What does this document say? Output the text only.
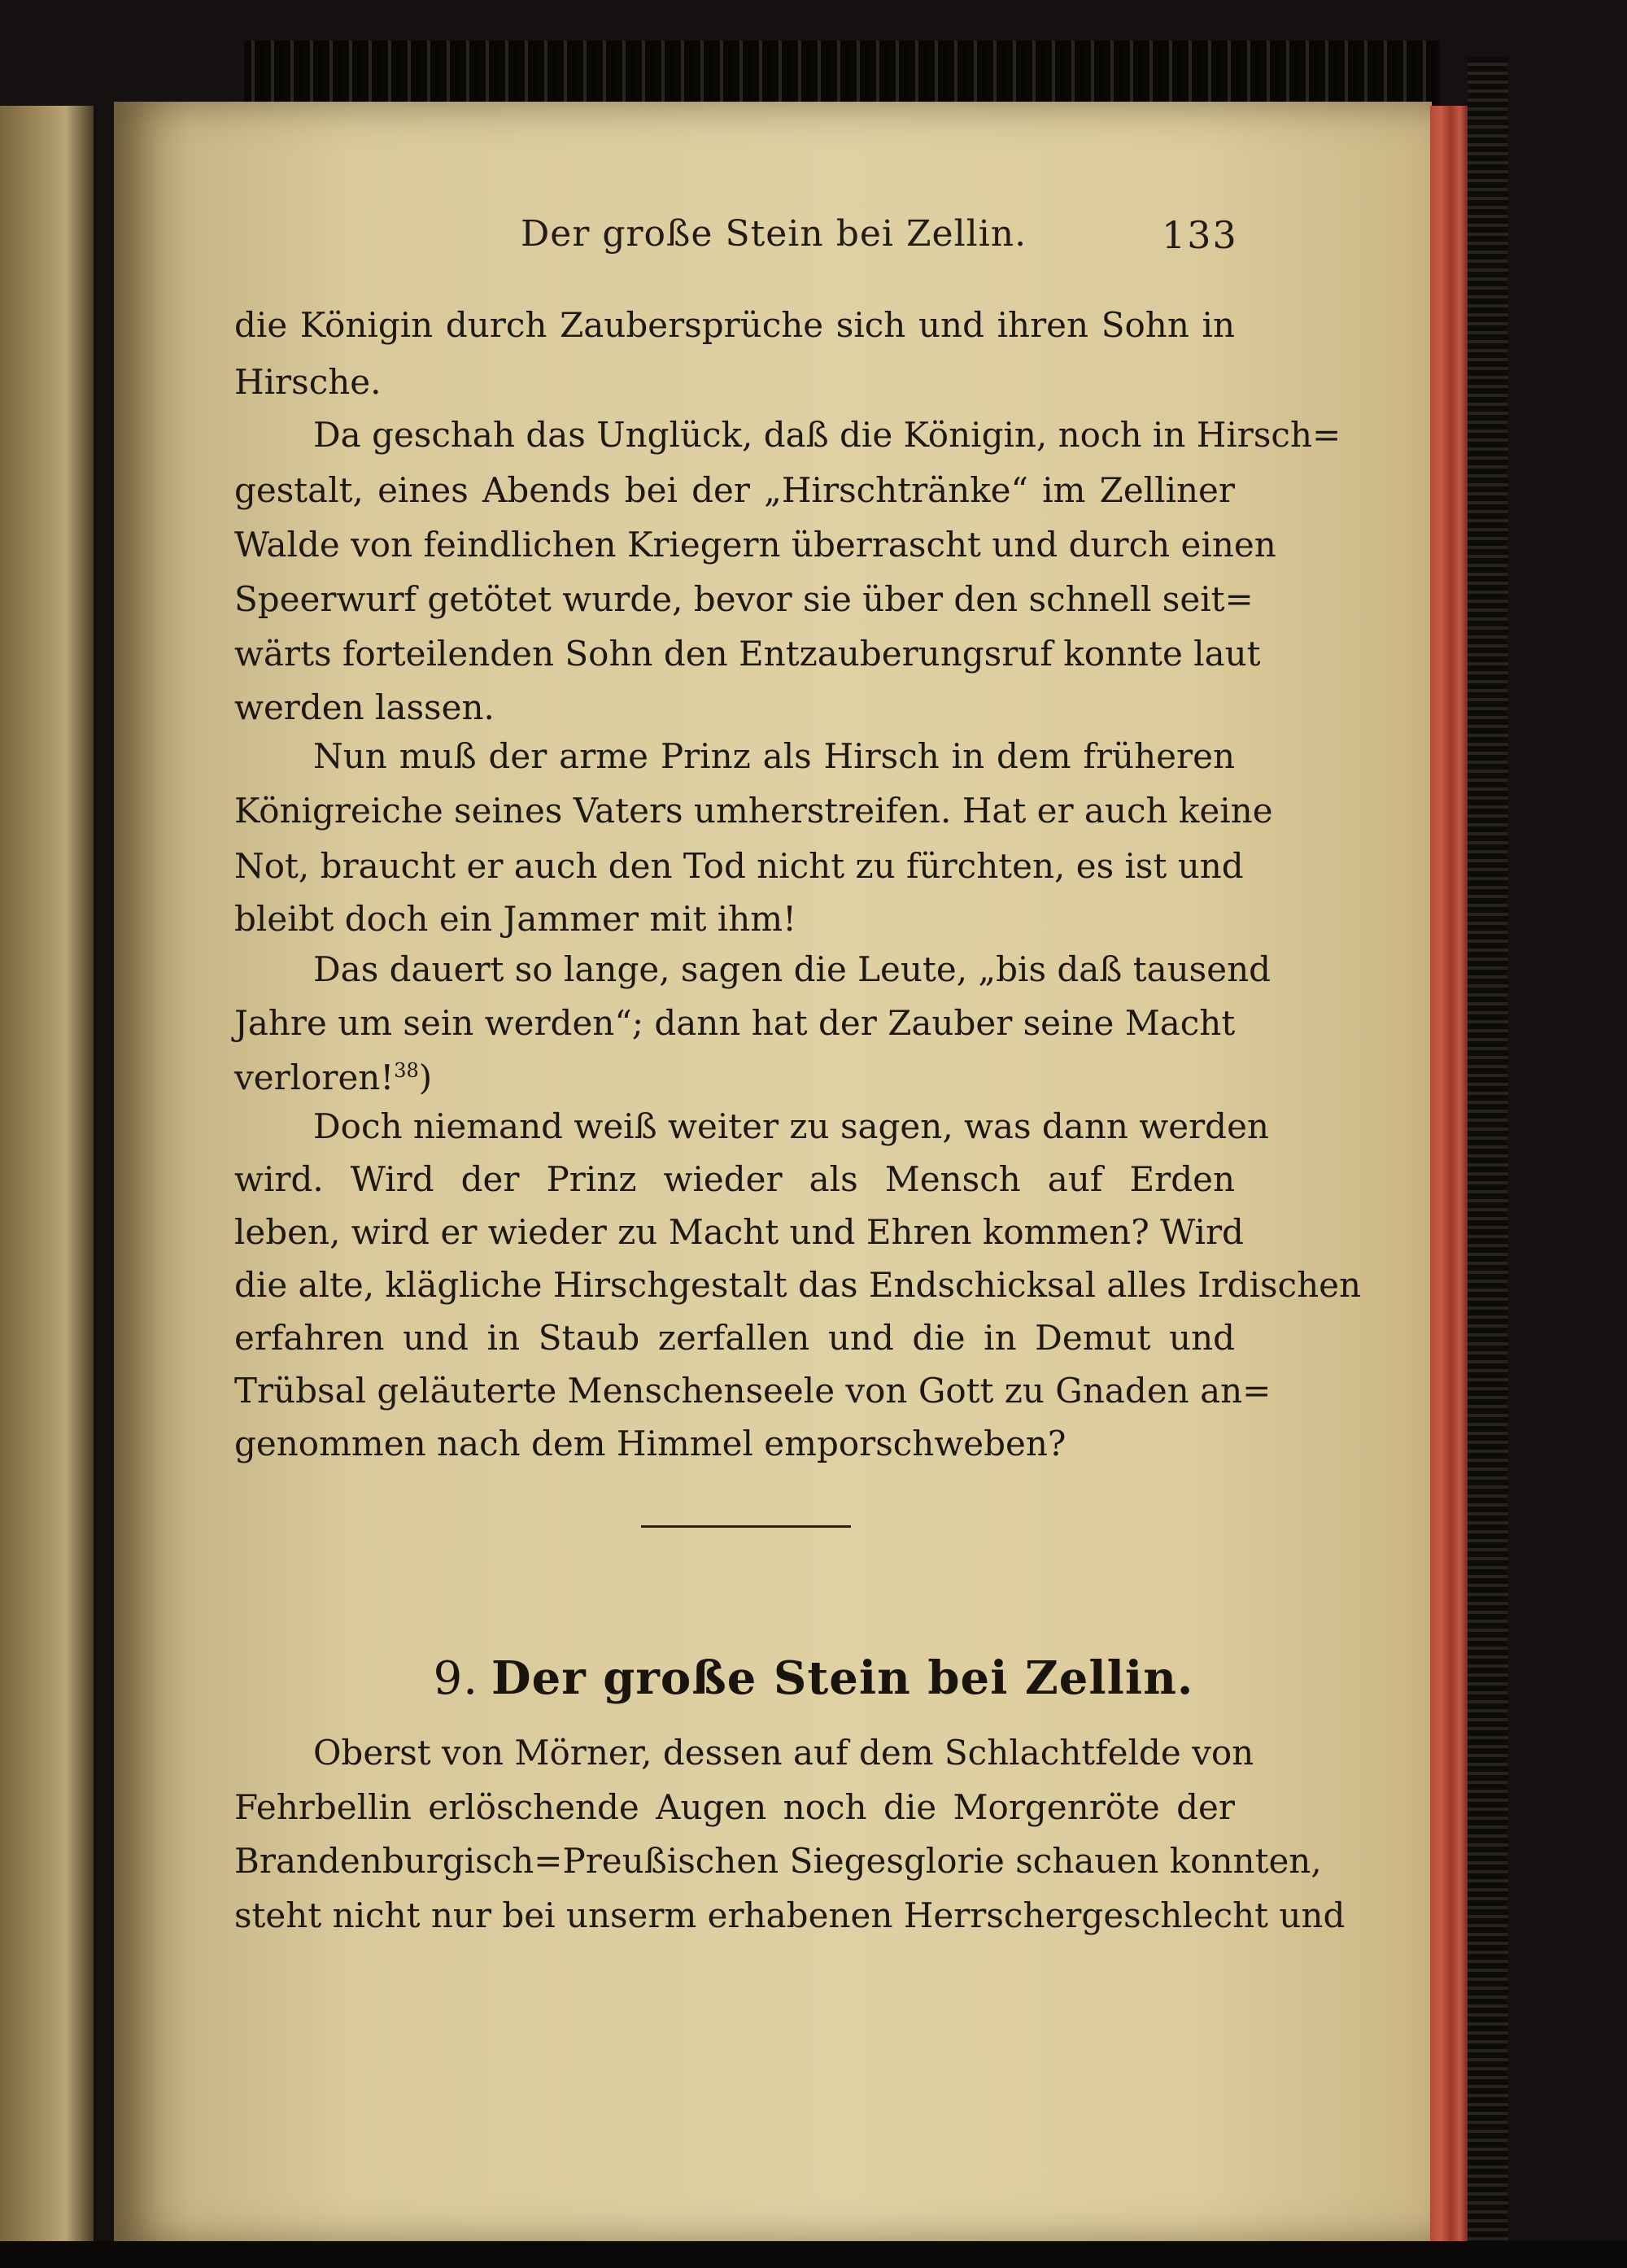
Der große Stein bei Zellin.	133
die Königin durch Zaubersprüche sich und ihren Sohn in
Hirsche.
Da geschah das Unglück, daß die Königin, noch in Hirsch=
gestalt, eines Abends bei der „Hirschtränke“ im Zelliner
Walde von feindlichen Kriegern überrascht und durch einen
Speerwurf getötet wurde, bevor sie über den schnell seit=
wärts forteilenden Sohn den Entzauberungsruf konnte laut
werden lassen.
Nun muß der arme Prinz als Hirsch in dem früheren
Königreiche seines Vaters umherstreifen. Hat er auch keine
Not, braucht er auch den Tod nicht zu fürchten, es ist und
bleibt doch ein Jammer mit ihm!
Das dauert so lange, sagen die Leute, „bis daß tausend
Jahre um sein werden“; dann hat der Zauber seine Macht
verloren!$^{38}$)
Doch niemand weiß weiter zu sagen, was dann werden
wird. Wird der Prinz wieder als Mensch auf Erden
leben, wird er wieder zu Macht und Ehren kommen? Wird
die alte, klägliche Hirschgestalt das Endschicksal alles Irdischen
erfahren und in Staub zerfallen und die in Demut und
Trübsal geläuterte Menschenseele von Gott zu Gnaden an=
genommen nach dem Himmel emporschweben?
9. Der große Stein bei Zellin.
Oberst von Mörner, dessen auf dem Schlachtfelde von
Fehrbellin erlöschende Augen noch die Morgenröte der
Brandenburgisch=Preußischen Siegesglorie schauen konnten,
steht nicht nur bei unserm erhabenen Herrschergeschlecht und
